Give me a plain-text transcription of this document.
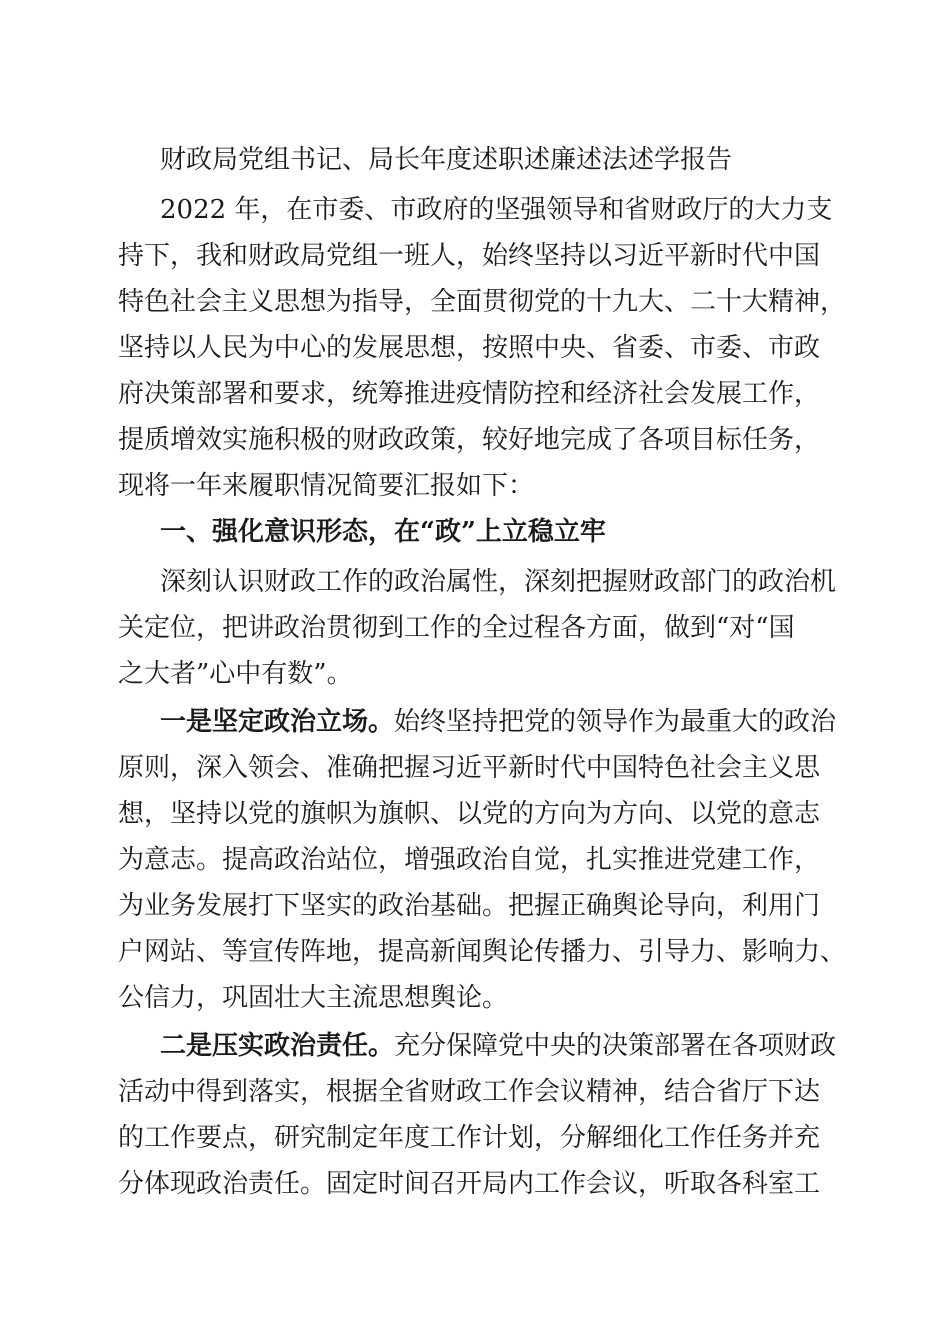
财政局党组书记、局长年度述职述廉述法述学报告
2022 年，在市委、市政府的坚强领导和省财政厅的大力支
持下，我和财政局党组一班人，始终坚持以习近平新时代中国
特色社会主义思想为指导，全面贯彻党的十九大、二十大精神，
坚持以人民为中心的发展思想，按照中央、省委、市委、市政
府决策部署和要求，统筹推进疫情防控和经济社会发展工作，
提质增效实施积极的财政政策，较好地完成了各项目标任务，
现将一年来履职情况简要汇报如下：
一、强化意识形态，在“政”上立稳立牢
深刻认识财政工作的政治属性，深刻把握财政部门的政治机
关定位，把讲政治贯彻到工作的全过程各方面，做到“对“国
之大者”心中有数”。
一是坚定政治立场。始终坚持把党的领导作为最重大的政治
原则，深入领会、准确把握习近平新时代中国特色社会主义思
想，坚持以党的旗帜为旗帜、以党的方向为方向、以党的意志
为意志。提高政治站位，增强政治自觉，扎实推进党建工作，
为业务发展打下坚实的政治基础。把握正确舆论导向，利用门
户网站、等宣传阵地，提高新闻舆论传播力、引导力、影响力、
公信力，巩固壮大主流思想舆论。
二是压实政治责任。充分保障党中央的决策部署在各项财政
活动中得到落实，根据全省财政工作会议精神，结合省厅下达
的工作要点，研究制定年度工作计划，分解细化工作任务并充
分体现政治责任。固定时间召开局内工作会议，听取各科室工
